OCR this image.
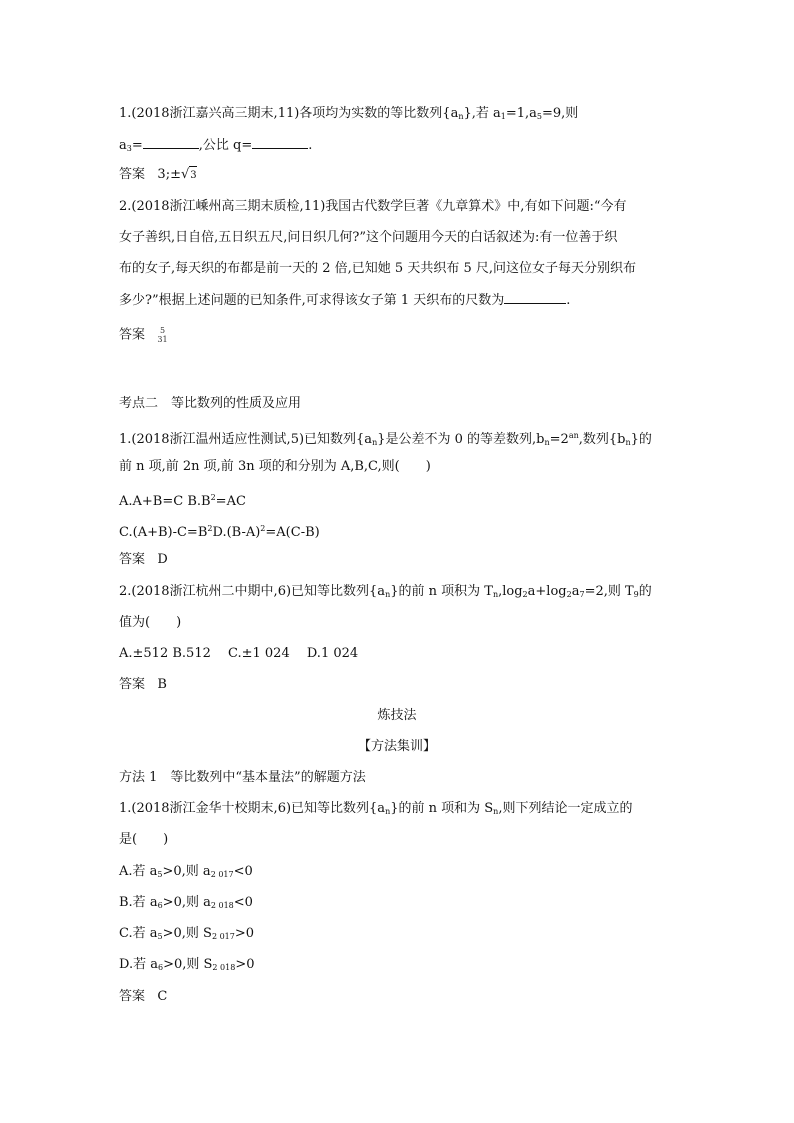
1.(2018浙江嘉兴高三期末,11)各项均为实数的等比数列$\{a_n\}$,若 $a_1=1,a_5=9$,则
$a_3=$	,公比 q=	.
答案 3;±√3
2.(2018浙江嵊州高三期末质检,11)我国古代数学巨著《九章算术》中,有如下问题:“今有
女子善织,日自倍,五日织五尺,问日织几何?”这个问题用今天的白话叙述为:有一位善于织
布的女子,每天织的布都是前一天的 2 倍,已知她 5 天共织布 5 尺,问这位女子每天分别织布
多少?”根据上述问题的已知条件,可求得该女子第 1 天织布的尺数为	.
答案 5
31
考点二　等比数列的性质及应用
1.(2018浙江温州适应性测试,5)已知数列$\{a_n\}$是公差不为 0 的等差数列$,b_n=2^{an}$,数列$\{b_n\}$的
前 n 项,前 2n 项,前 3n 项的和分别为 A,B,C,则(　　)
A.A+B=C $B.B^2=AC$
$C.(A+B)-C=B^2D.(B-A)^2=A(C-B)$
答案 D
2.(2018浙江杭州二中期中,6)已知等比数列$\{a_n\}$的前 n 项积为 $T_n,\log_2a+\log_2a_7=2$,则 $T_9$的
值为(　　)
A.±512 B.512　 C.±1 024　 D.1 024
答案 B
炼技法
【方法集训】
方法 1　等比数列中“基本量法”的解题方法
1.(2018浙江金华十校期末,6)已知等比数列$\{a_n\}$的前 n 项和为 $S_n$,则下列结论一定成立的
是(　　)
A.若 $a_5>0$,则 $a_{2 017}<0$
B.若 $a_6>0$,则 $a_{2 018}<0$
C.若 $a_5>0$,则 $S_{2 017}>0$
D.若 $a_6>0$,则 $S_{2 018}>0$
答案 C
